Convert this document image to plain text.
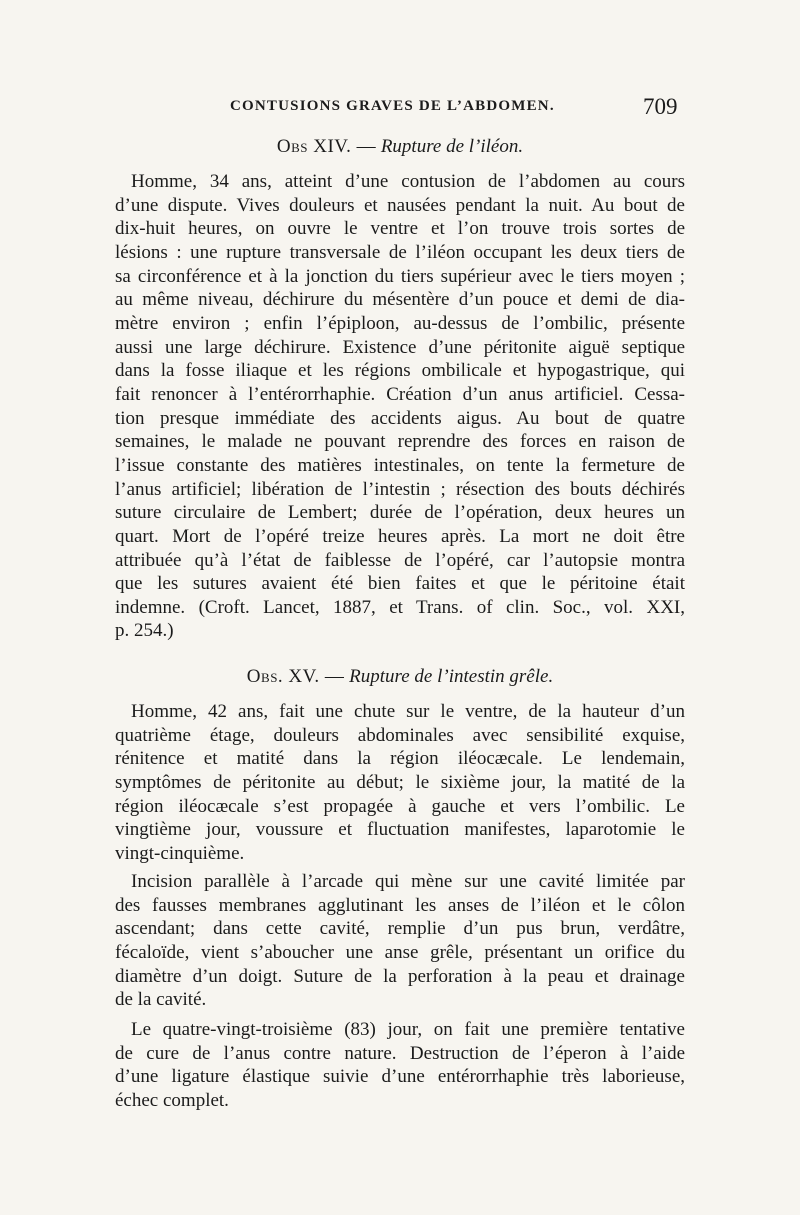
CONTUSIONS GRAVES DE L’ABDOMEN.	709
Obs XIV. — Rupture de l’iléon.
Homme, 34 ans, atteint d’une contusion de l’abdomen au cours
d’une dispute. Vives douleurs et nausées pendant la nuit. Au bout de
dix-huit heures, on ouvre le ventre et l’on trouve trois sortes de
lésions : une rupture transversale de l’iléon occupant les deux tiers de
sa circonférence et à la jonction du tiers supérieur avec le tiers moyen ;
au même niveau, déchirure du mésentère d’un pouce et demi de dia-
mètre environ ; enfin l’épiploon, au-dessus de l’ombilic, présente
aussi une large déchirure. Existence d’une péritonite aiguë septique
dans la fosse iliaque et les régions ombilicale et hypogastrique, qui
fait renoncer à l’entérorrhaphie. Création d’un anus artificiel. Cessa-
tion presque immédiate des accidents aigus. Au bout de quatre
semaines, le malade ne pouvant reprendre des forces en raison de
l’issue constante des matières intestinales, on tente la fermeture de
l’anus artificiel; libération de l’intestin ; résection des bouts déchirés
suture circulaire de Lembert; durée de l’opération, deux heures un
quart. Mort de l’opéré treize heures après. La mort ne doit être
attribuée qu’à l’état de faiblesse de l’opéré, car l’autopsie montra
que les sutures avaient été bien faites et que le péritoine était
indemne. (Croft. Lancet, 1887, et Trans. of clin. Soc., vol. XXI,
p. 254.)
Obs. XV. — Rupture de l’intestin grêle.
Homme, 42 ans, fait une chute sur le ventre, de la hauteur d’un
quatrième étage, douleurs abdominales avec sensibilité exquise,
rénitence et matité dans la région iléocæcale. Le lendemain,
symptômes de péritonite au début; le sixième jour, la matité de la
région iléocæcale s’est propagée à gauche et vers l’ombilic. Le
vingtième jour, voussure et fluctuation manifestes, laparotomie le
vingt-cinquième.
Incision parallèle à l’arcade qui mène sur une cavité limitée par
des fausses membranes agglutinant les anses de l’iléon et le côlon
ascendant; dans cette cavité, remplie d’un pus brun, verdâtre,
fécaloïde, vient s’aboucher une anse grêle, présentant un orifice du
diamètre d’un doigt. Suture de la perforation à la peau et drainage
de la cavité.
Le quatre-vingt-troisième (83) jour, on fait une première tentative
de cure de l’anus contre nature. Destruction de l’éperon à l’aide
d’une ligature élastique suivie d’une entérorrhaphie très laborieuse,
échec complet.
